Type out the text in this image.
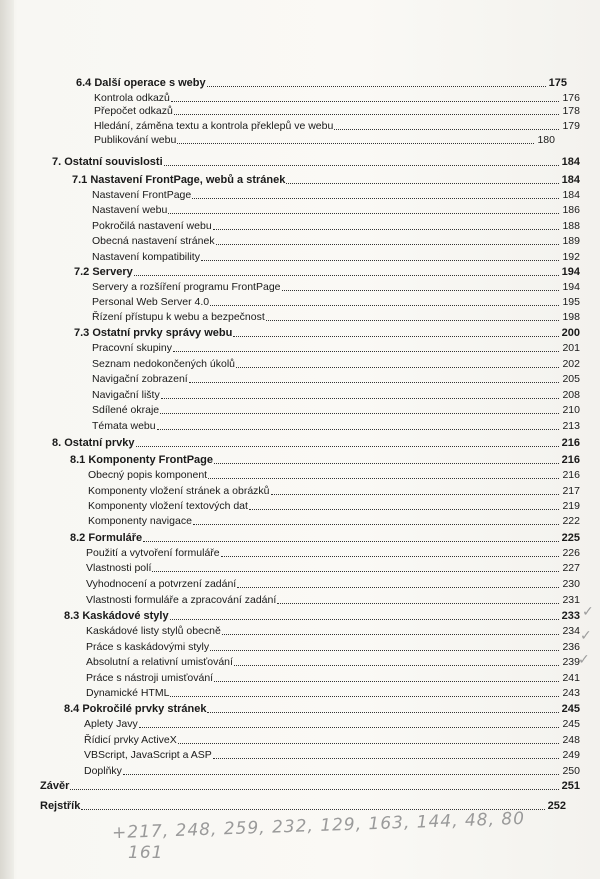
6.4 Další operace s weby	175
Kontrola odkazů	176
Přepočet odkazů	178
Hledání, záměna textu a kontrola překlepů ve webu	179
Publikování webu	180
7. Ostatní souvislosti	184
7.1 Nastavení FrontPage, webů a stránek	184
Nastavení FrontPage	184
Nastavení webu	186
Pokročilá nastavení webu	188
Obecná nastavení stránek	189
Nastavení kompatibility	192
7.2 Servery	194
Servery a rozšíření programu FrontPage	194
Personal Web Server 4.0	195
Řízení přístupu k webu a bezpečnost	198
7.3 Ostatní prvky správy webu	200
Pracovní skupiny	201
Seznam nedokončených úkolů	202
Navigační zobrazení	205
Navigační lišty	208
Sdílené okraje	210
Témata webu	213
8. Ostatní prvky	216
8.1 Komponenty FrontPage	216
Obecný popis komponent	216
Komponenty vložení stránek a obrázků	217
Komponenty vložení textových dat	219
Komponenty navigace	222
8.2 Formuláře	225
Použití a vytvoření formuláře	226
Vlastnosti polí	227
Vyhodnocení a potvrzení zadání	230
Vlastnosti formuláře a zpracování zadání	231
8.3 Kaskádové styly	233
Kaskádové listy stylů obecně	234
Práce s kaskádovými styly	236
Absolutní a relativní umisťování	239
Práce s nástroji umisťování	241
Dynamické HTML	243
8.4 Pokročilé prvky stránek	245
Aplety Javy	245
Řídicí prvky ActiveX	248
VBScript, JavaScript a ASP	249
Doplňky	250
Závěr	251
Rejstřík	252
+217, 248, 259, 232, 129, 163, 144, 48, 80
161
✓
✓
✓
